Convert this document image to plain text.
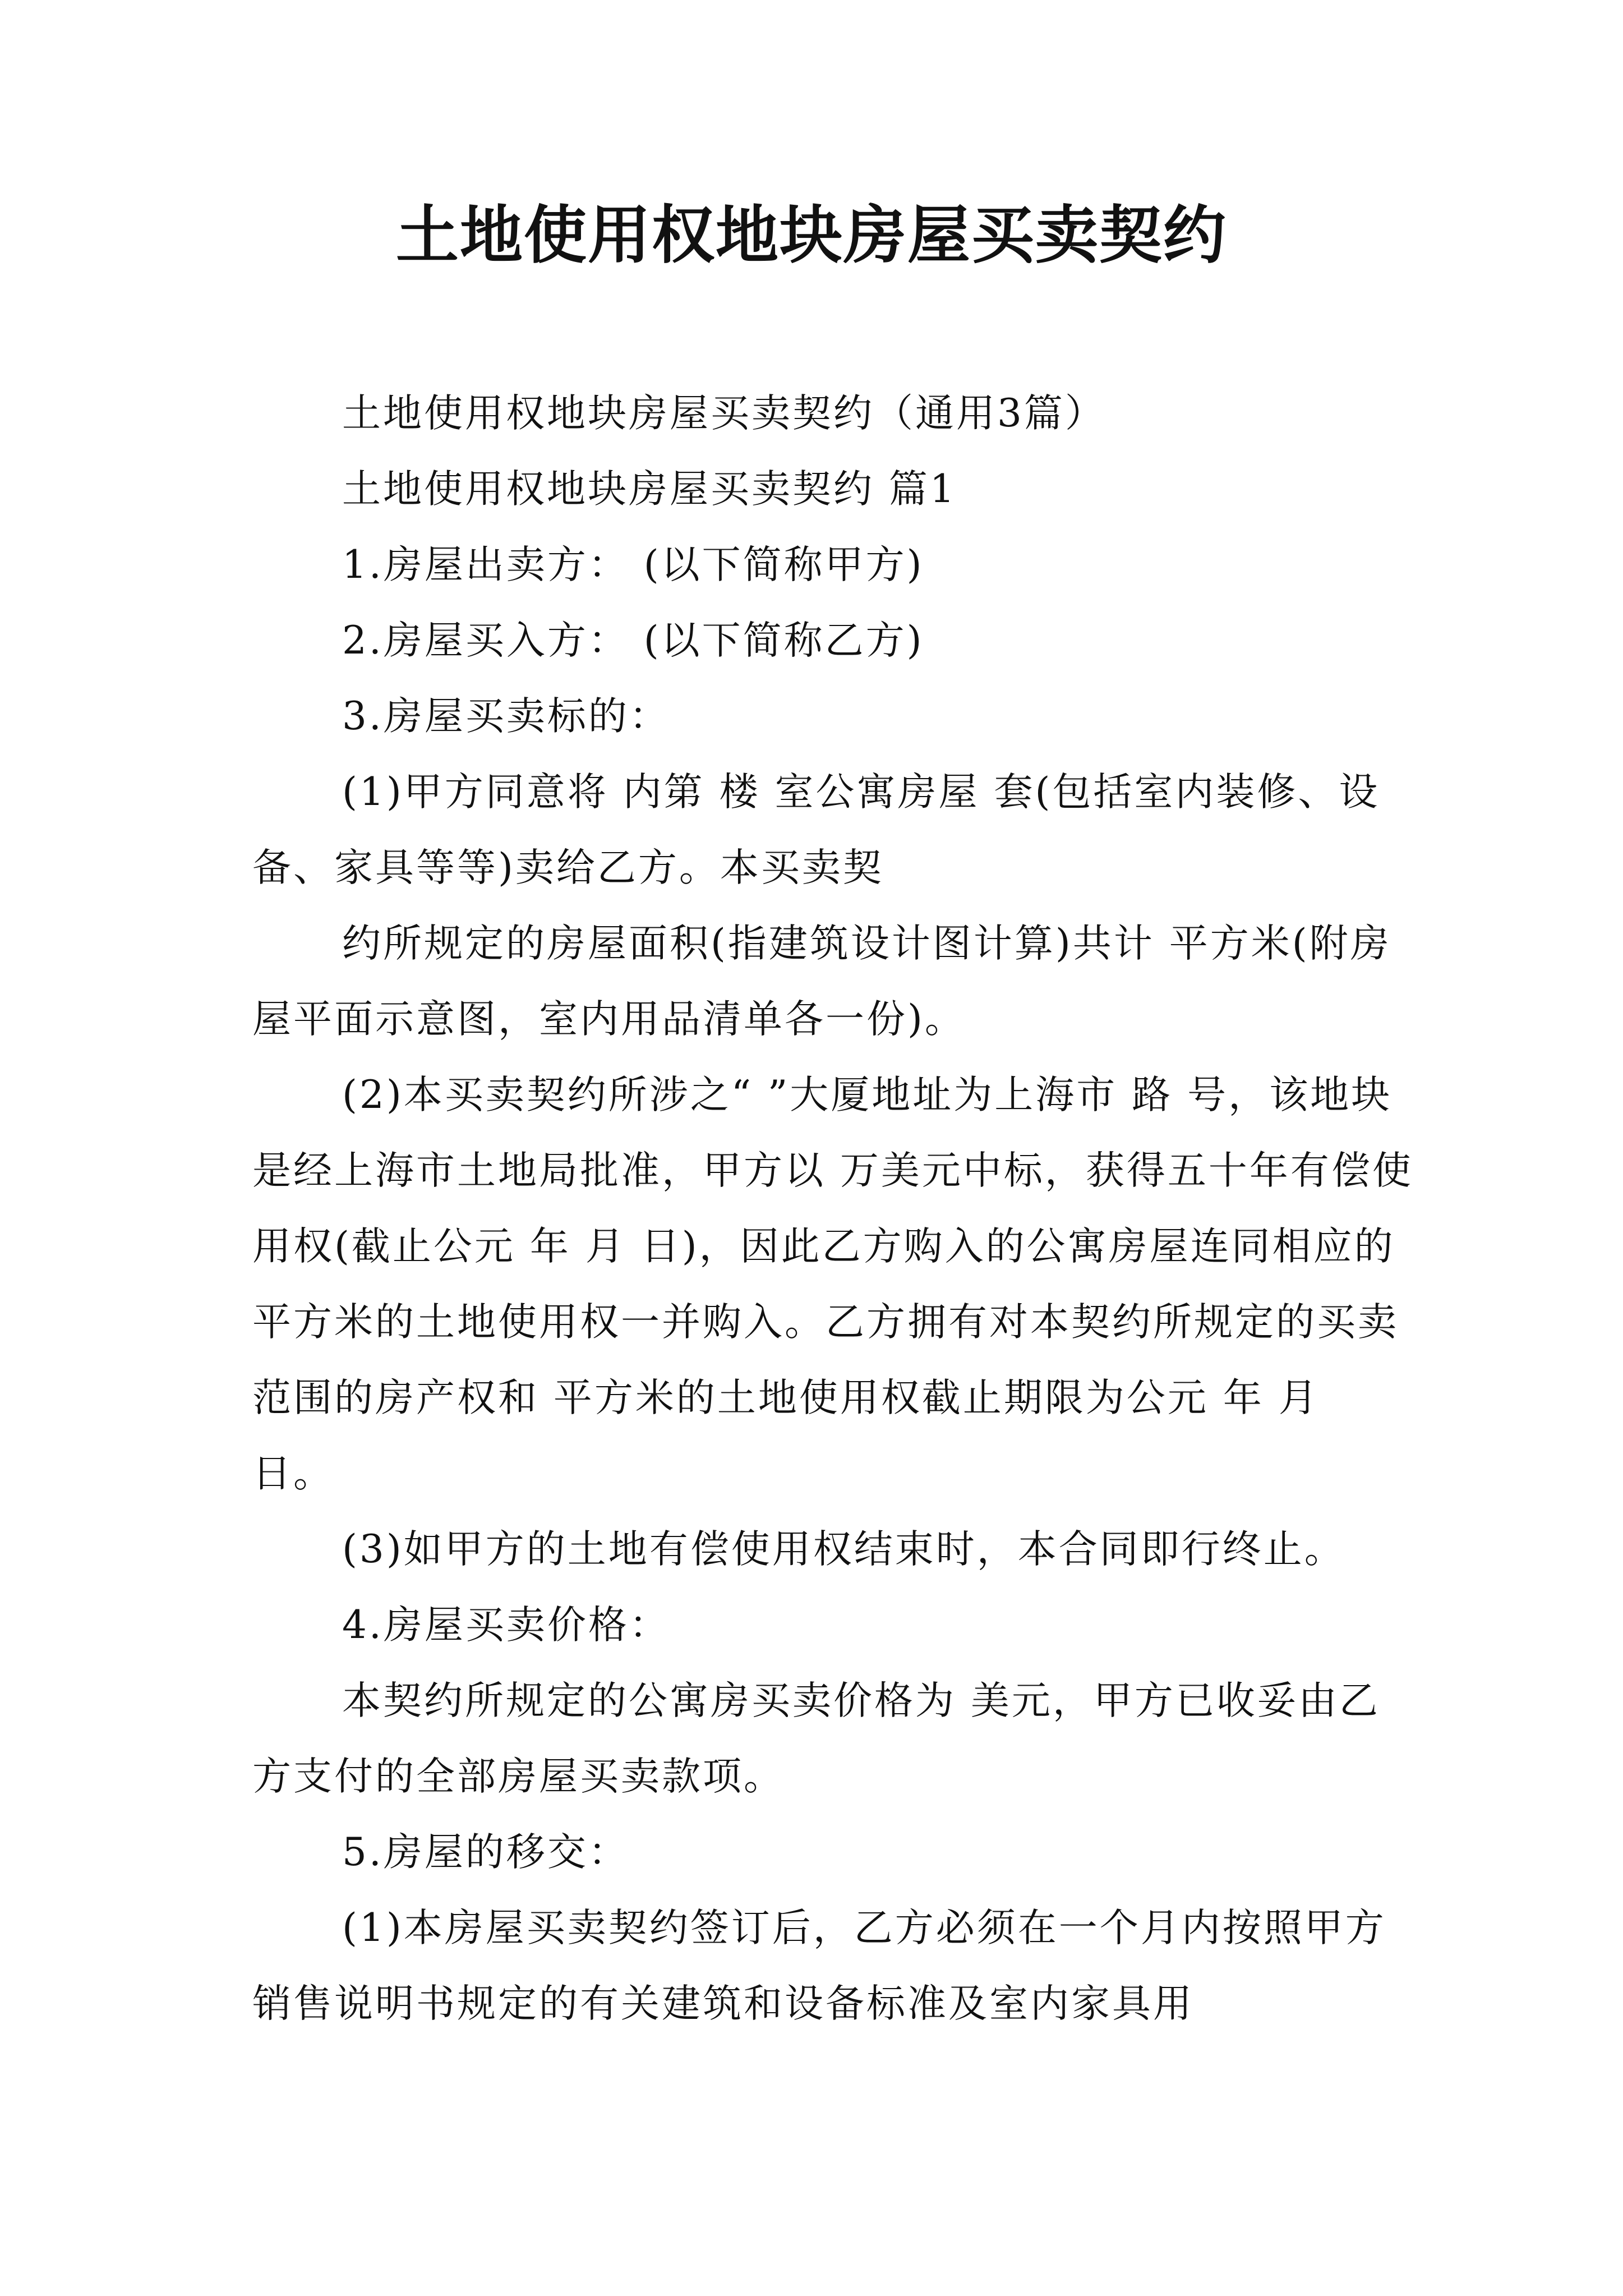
土地使用权地块房屋买卖契约

土地使用权地块房屋买卖契约（通用3篇）

土地使用权地块房屋买卖契约 篇1

1.房屋出卖方： (以下简称甲方)

2.房屋买入方： (以下简称乙方)

3.房屋买卖标的：

(1)甲方同意将 内第 楼 室公寓房屋 套(包括室内装修、设备、家具等等)卖给乙方。本买卖契

约所规定的房屋面积(指建筑设计图计算)共计 平方米(附房屋平面示意图，室内用品清单各一份)。

(2)本买卖契约所涉之“ ”大厦地址为上海市 路 号，该地块是经上海市土地局批准，甲方以 万美元中标，获得五十年有偿使用权(截止公元 年 月 日)，因此乙方购入的公寓房屋连同相应的 平方米的土地使用权一并购入。乙方拥有对本契约所规定的买卖范围的房产权和 平方米的土地使用权截止期限为公元 年 月 日。

(3)如甲方的土地有偿使用权结束时，本合同即行终止。

4.房屋买卖价格：

本契约所规定的公寓房买卖价格为 美元，甲方已收妥由乙方支付的全部房屋买卖款项。

5.房屋的移交：

(1)本房屋买卖契约签订后，乙方必须在一个月内按照甲方销售说明书规定的有关建筑和设备标准及室内家具用
